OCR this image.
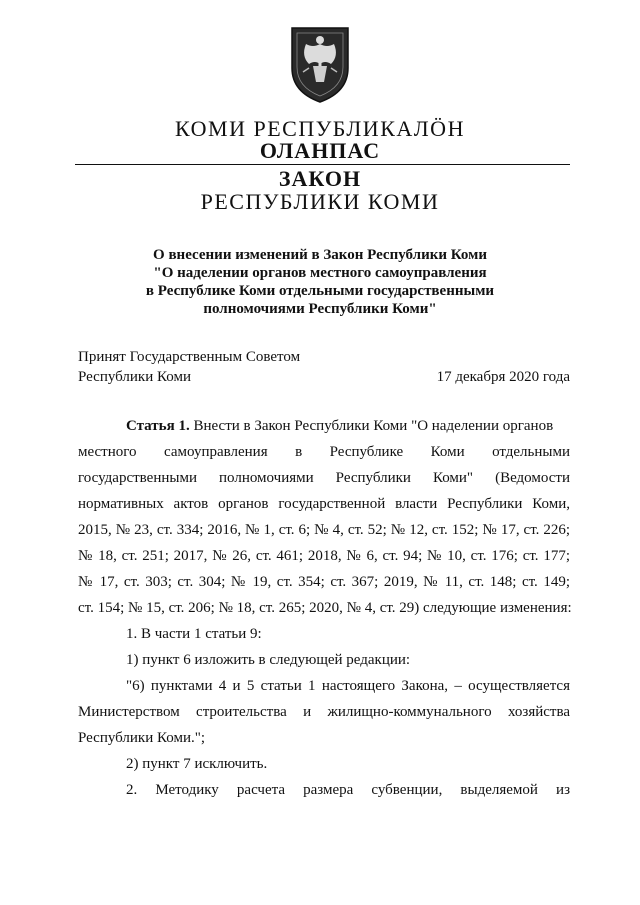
КОМИ РЕСПУБЛИКАЛÖН
ОЛАНПАС
ЗАКОН
РЕСПУБЛИКИ КОМИ
О внесении изменений в Закон Республики Коми
"О наделении органов местного самоуправления
в Республике Коми отдельными государственными
полномочиями Республики Коми"
Принят Государственным Советом
Республики Коми	17 декабря 2020 года
Статья 1. Внести в Закон Республики Коми "О наделении органов
местного самоуправления в Республике Коми отдельными
государственными полномочиями Республики Коми" (Ведомости
нормативных актов органов государственной власти Республики Коми,
2015, № 23, ст. 334; 2016, № 1, ст. 6; № 4, ст. 52; № 12, ст. 152; № 17, ст. 226;
№ 18, ст. 251; 2017, № 26, ст. 461; 2018, № 6, ст. 94; № 10, ст. 176; ст. 177;
№ 17, ст. 303; ст. 304; № 19, ст. 354; ст. 367; 2019, № 11, ст. 148; ст. 149;
ст. 154; № 15, ст. 206; № 18, ст. 265; 2020, № 4, ст. 29) следующие изменения:
1. В части 1 статьи 9:
1) пункт 6 изложить в следующей редакции:
"6) пунктами 4 и 5 статьи 1 настоящего Закона, – осуществляется
Министерством строительства и жилищно-коммунального хозяйства
Республики Коми.";
2) пункт 7 исключить.
2. Методику расчета размера субвенции, выделяемой из
